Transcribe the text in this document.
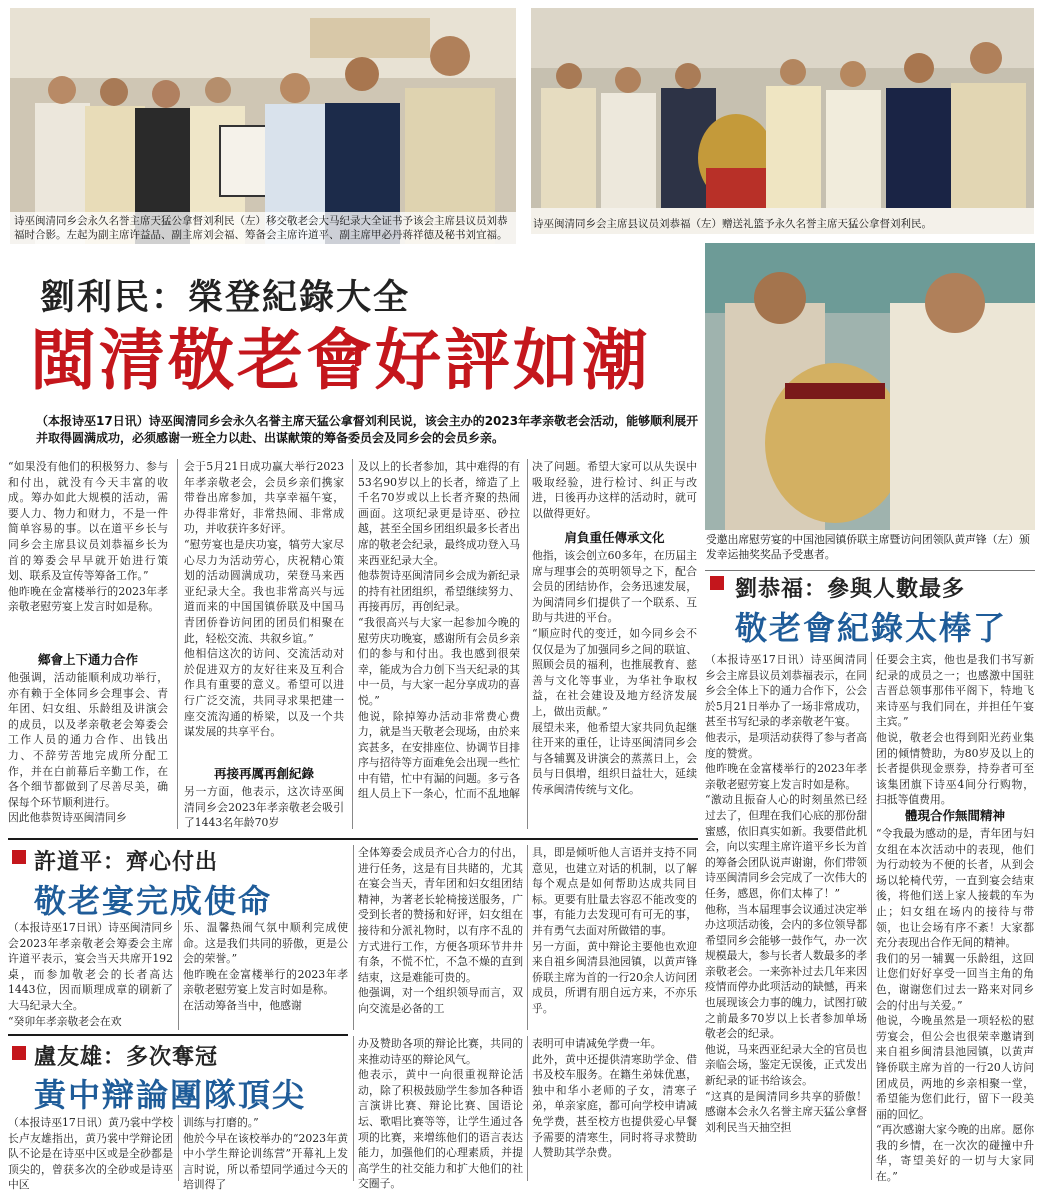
诗巫闽清同乡会永久名誉主席天猛公拿督刘利民（左）移交敬老会大马纪录大全证书予该会主席县议员刘恭福时合影。左起为副主席许益品、副主席刘会福、筹备会主席许道平、副主席甲必丹蒋祥德及秘书刘宜福。
诗巫闽清同乡会主席县议员刘恭福（左）赠送礼篮予永久名誉主席天猛公拿督刘利民。
劉利民：榮登紀錄大全
閩清敬老會好評如潮
受邀出席慰劳宴的中国池园镇侨联主席暨访问团领队黄声锋（左）颁发幸运抽奖奖品予受惠者。
（本报诗巫17日讯）诗巫闽清同乡会永久名誉主席天猛公拿督刘利民说，该会主办的2023年孝亲敬老会活动，能够顺利展开并取得圆满成功，必须感谢一班全力以赴、出谋献策的筹备委员会及同乡会的会员乡亲。
“如果没有他们的积极努力、参与和付出，就没有今天丰富的收成。筹办如此大规模的活动，需要人力、物力和财力，不是一件简单容易的事。以在道平乡长与同乡会主席县议员刘恭福乡长为首的筹委会早早就开始进行策划、联系及宣传等筹备工作。”
他昨晚在金富楼举行的2023年孝亲敬老慰劳宴上发言时如是称。
鄉會上下通力合作
他强调，活动能顺利成功举行，亦有赖于全体同乡会理事会、青年团、妇女组、乐龄组及讲演会的成员，以及孝亲敬老会筹委会工作人员的通力合作、出钱出力、不辞劳苦地完成所分配工作，并在白前幕后辛勤工作，在各个细节都做到了尽善尽美，确保每个环节顺利进行。
因此他恭贺诗巫闽清同乡
会于5月21日成功赢大举行2023年孝亲敬老会，会员乡亲们携家带眷出席参加，共享幸福午宴，办得非常好，非常热闹、非常成功，并收获许多好评。
“慰劳宴也是庆功宴，犒劳大家尽心尽力为活动劳心，庆祝精心策划的活动圆满成功，荣登马来西亚纪录大全。我也非常高兴与远道而来的中国国镇侨联及中国马青团侨眷访问团的团员们相聚在此，轻松交流、共叙乡谊。”
他相信这次的访问、交流活动对於促进双方的友好往来及互利合作具有重要的意义。希望可以进行广泛交流，共同寻求果把建一座交流沟通的桥梁，以及一个共谋发展的共享平台。
再接再厲再創紀錄
另一方面，他表示，这次诗巫闽清同乡会2023年孝亲敬老会吸引了1443名年龄70岁
及以上的长者参加，其中难得的有53名90岁以上的长者，缔造了上千名70岁或以上长者齐聚的热闹画面。这项纪录更是诗巫、砂拉越，甚至全国乡团组织最多长者出席的敬老会纪录，最终成功登入马来西亚纪录大全。
他恭贺诗巫闽清同乡会成为新纪录的持有社团组织，希望继续努力、再接再厉，再创纪录。
“我很高兴与大家一起参加今晚的慰劳庆功晚宴，感谢所有会员乡亲们的参与和付出。我也感到很荣幸，能成为合力创下当天纪录的其中一员，与大家一起分享成功的喜悦。”
他说，除掉筹办活动非常费心费力，就是当天敬老会现场，由於来宾甚多，在安排座位、协调节目排序与招待等方面难免会出现一些忙中有错，忙中有漏的问题。多亏各组人员上下一条心，忙而不乱地解
决了问题。希望大家可以从失误中吸取经验，进行检讨、纠正与改进，日後再办这样的活动时，就可以做得更好。
肩負重任傳承文化
他指，该会创立60多年，在历届主席与理事会的英明领导之下，配合会员的团结协作，会务迅速发展，为闽清同乡们提供了一个联系、互助与共进的平台。
“顺应时代的变迁，如今同乡会不仅仅是为了加强同乡之间的联谊、照顾会员的福利，也推展教育、慈善与文化等事业，为华社争取权益，在社会建设及地方经济发展上，做出贡献。”
展望未来，他希望大家共同负起继往开来的重任，让诗巫闽清同乡会与各辅翼及讲演会的蒸蒸日上，会员与日俱增，组织日益壮大，延续传承闽清传统与文化。
劉恭福：參與人數最多
敬老會紀錄太棒了
（本报诗巫17日讯）诗巫闽清同乡会主席县议员刘恭福表示，在同乡会全体上下的通力合作下，公会於5月21日举办了一场非常成功，甚至书写纪录的孝亲敬老午宴。
他表示，是项活动获得了参与者高度的赞赏。
他昨晚在金富楼举行的2023年孝亲敬老慰劳宴上发言时如是称。
“激动且振奋人心的时刻虽然已经过去了，但理在我们心底的那份甜蜜感，依旧真实如新。我要借此机会，向以实理主席许道平乡长为首的筹备会团队说声谢谢，你们带领诗巫闽清同乡会完成了一次伟大的任务，感恩，你们太棒了！”
他称，当本届理事会议通过决定举办这项活动後，会内的多位领导都希望同乡会能够一鼓作气，办一次规模最大，参与长者人数最多的孝亲敬老会。一来弥补过去几年来因疫情而停办此项活动的缺憾，再来也展现该会力事的魄力，试图打破之前最多70岁以上长者参加单场敬老会的纪录。
他说，马来西亚纪录大全的官员也亲临会场，鉴定无误後，正式发出新纪录的证书给该会。
“这真的是闽清同乡共享的骄傲！感谢本会永久名誉主席天猛公拿督刘利民当天抽空担
任要会主宾，他也是我们书写新纪录的成员之一；也感激中国驻吉晋总领事那伟平阁下，特地飞来诗巫与我们同在，并担任午宴主宾。”
他说，敬老会也得到阳光药业集团的倾情赞助，为80岁及以上的长者提供现金票券，持券者可至该集团旗下诗巫4间分行购物，扫抵等值费用。
體現合作無間精神
“令我最为感动的是，青年团与妇女组在本次活动中的表现，他们为行动较为不便的长者，从到会场以轮椅代劳，一直到宴会结束後，将他们送上家人接载的车为止；妇女组在场内的接待与带领，也让会场有序不紊！大家都充分表现出合作无间的精神。
我们的另一辅翼一乐龄组，这回让您们好好享受一回当主角的角色，谢谢您们过去一路来对同乡会的付出与关爱。”
他说，今晚虽然是一项轻松的慰劳宴会，但公会也很荣幸邀请到来自祖乡闽清县池园镇，以黄声锋侨联主席为首的一行20人访问团成员，两地的乡亲相聚一堂，希望能为您们此行，留下一段美丽的回忆。
“再次感谢大家今晚的出席。愿你我的乡情，在一次次的碰撞中升华，寄望美好的一切与大家同在。”
許道平：齊心付出
敬老宴完成使命
（本报诗巫17日讯）诗巫闽清同乡会2023年孝亲敬老会筹委会主席许道平表示，宴会当天共席开192桌，而参加敬老会的长者高达1443位，因而顺理成章的刷新了大马纪录大全。
“癸卯年孝亲敬老会在欢
乐、温馨热闹气氛中顺利完成使命。这是我们共同的骄傲，更是公会的荣誉。”
他昨晚在金富楼举行的2023年孝亲敬老慰劳宴上发言时如是称。
在活动筹备当中，他感谢
全体筹委会成员齐心合力的付出，进行任务，这是有目共睹的，尤其在宴会当天，青年团和妇女组团结精神，为著老长轮椅接送服务，广受到长者的赞扬和好评，妇女组在接待和分派礼物时，以有序不乱的方式进行工作，方便各项环节井井有条，不慌不忙，不急不燥的直到结束，这是难能可贵的。
他强调，对一个组织领导而言，双向交流是必备的工
具，即是倾听他人言语并支持不同意见，也建立对话的机制，以了解每个观点是如何帮助达成共同目标。更要有肚量去容忍不能改变的事，有能力去发现可有可无的事，并有勇气去面对所做错的事。
另一方面，黄中辩论主要他也欢迎来自祖乡闽清县池园镇，以黄声锋侨联主席为首的一行20余人访问团成员，所谓有朋自远方来，不亦乐乎。
盧友雄：多次奪冠
黃中辯論團隊頂尖
（本报诗巫17日讯）黄乃裳中学校长卢友雄指出，黄乃裳中学辩论团队不论是在诗巫中区或是全砂都是顶尖的，曾获多次的全砂或是诗巫中区
训练与打磨的。”
他於今早在该校举办的“2023年黄中小学生辩论训练营”开幕礼上发言时说，所以希望同学通过今天的培训得了
办及赞助各项的辩论比赛，共同的来推动诗巫的辩论风气。
他表示，黄中一向很重视辩论活动，除了积极鼓励学生参加各种语言演讲比赛、辩论比赛、国语论坛、歌唱比赛等等，让学生通过各项的比赛，来增练他们的语言表达能力，加强他们的心理素质，并提高学生的社交能力和扩大他们的社交圈子。
表明可申请减免学费一年。
此外，黄中还提供清寒助学金、借书及校车服务。在籍生弟妹优惠，独中和华小老师的子女，清寒子弟，单亲家庭，都可向学校申请减免学费，甚至校方也提供爱心早餐予需要的清寒生，同时将寻求赞助人赞助其学杂费。
